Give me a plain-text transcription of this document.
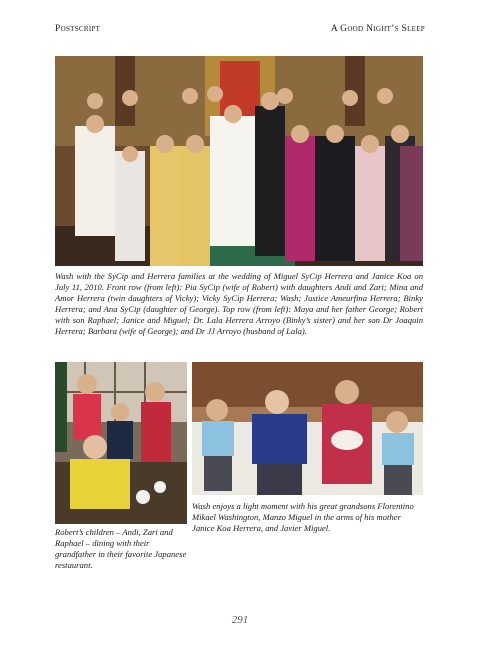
Postscript	A Good Night’s Sleep
Wash with the SyCip and Herrera families at the wedding of Miguel SyCip Herrera and Janice Koa on July 11, 2010. Front row (from left): Pia SyCip (wife of Robert) with daughters Andi and Zari; Mina and Amor Herrera (twin daughters of Vicky); Vicky SyCip Herrera; Wash; Justice Ameurfina Herrera; Binky Herrera; and Ana SyCip (daughter of George). Top row (from left): Maya and her father George; Robert with son Raphael; Janice and Miguel; Dr. Lala Herrera Arroyo (Binky’s sister) and her son Dr Joaquin Herrera; Barbara (wife of George); and Dr JJ Arroyo (husband of Lala).
Robert’s children – Andi, Zari and Raphael – dining with their grandfather in their favorite Japanese restaurant.
Wash enjoys a light moment with his great grandsons Florentino Mikael Washington, Manzo Miguel in the arms of his mother Janice Koa Herrera, and Javier Miguel.
291
